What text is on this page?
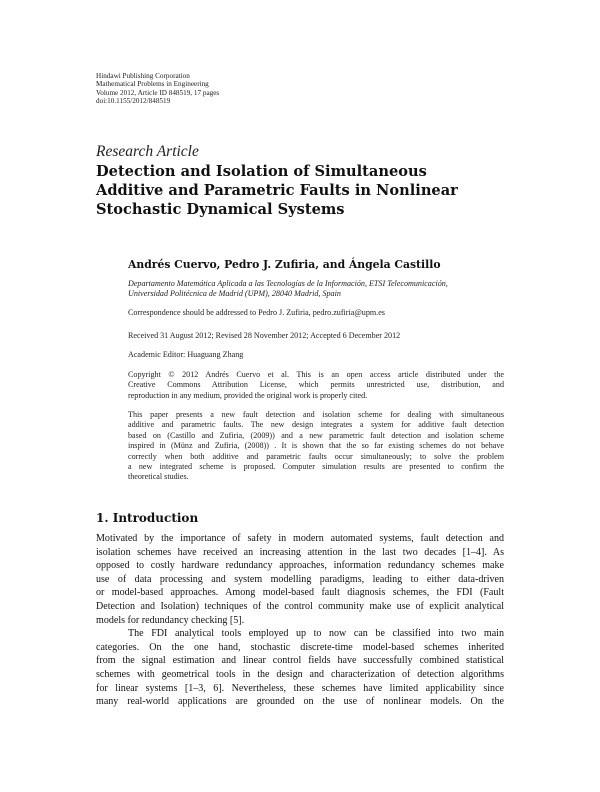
Hindawi Publishing Corporation
Mathematical Problems in Engineering
Volume 2012, Article ID 848519, 17 pages
doi:10.1155/2012/848519
Research Article
Detection and Isolation of Simultaneous
Additive and Parametric Faults in Nonlinear
Stochastic Dynamical Systems
Andrés Cuervo, Pedro J. Zufiria, and Ángela Castillo
Departamento Matemática Aplicada a las Tecnologías de la Información, ETSI Telecomunicación,
Universidad Politécnica de Madrid (UPM), 28040 Madrid, Spain
Correspondence should be addressed to Pedro J. Zufiria, pedro.zufiria@upm.es
Received 31 August 2012; Revised 28 November 2012; Accepted 6 December 2012
Academic Editor: Huaguang Zhang
Copyright © 2012 Andrés Cuervo et al. This is an open access article distributed under the
Creative Commons Attribution License, which permits unrestricted use, distribution, and
reproduction in any medium, provided the original work is properly cited.
This paper presents a new fault detection and isolation scheme for dealing with simultaneous
additive and parametric faults. The new design integrates a system for additive fault detection
based on (Castillo and Zufiria, (2009)) and a new parametric fault detection and isolation scheme
inspired in (Münz and Zufiria, (2008)) . It is shown that the so far existing schemes do not behave
correctly when both additive and parametric faults occur simultaneously; to solve the problem
a new integrated scheme is proposed. Computer simulation results are presented to confirm the
theoretical studies.
1. Introduction
Motivated by the importance of safety in modern automated systems, fault detection and
isolation schemes have received an increasing attention in the last two decades [1–4]. As
opposed to costly hardware redundancy approaches, information redundancy schemes make
use of data processing and system modelling paradigms, leading to either data-driven
or model-based approaches. Among model-based fault diagnosis schemes, the FDI (Fault
Detection and Isolation) techniques of the control community make use of explicit analytical
models for redundancy checking [5].
The FDI analytical tools employed up to now can be classified into two main
categories. On the one hand, stochastic discrete-time model-based schemes inherited
from the signal estimation and linear control fields have successfully combined statistical
schemes with geometrical tools in the design and characterization of detection algorithms
for linear systems [1–3, 6]. Nevertheless, these schemes have limited applicability since
many real-world applications are grounded on the use of nonlinear models. On the
